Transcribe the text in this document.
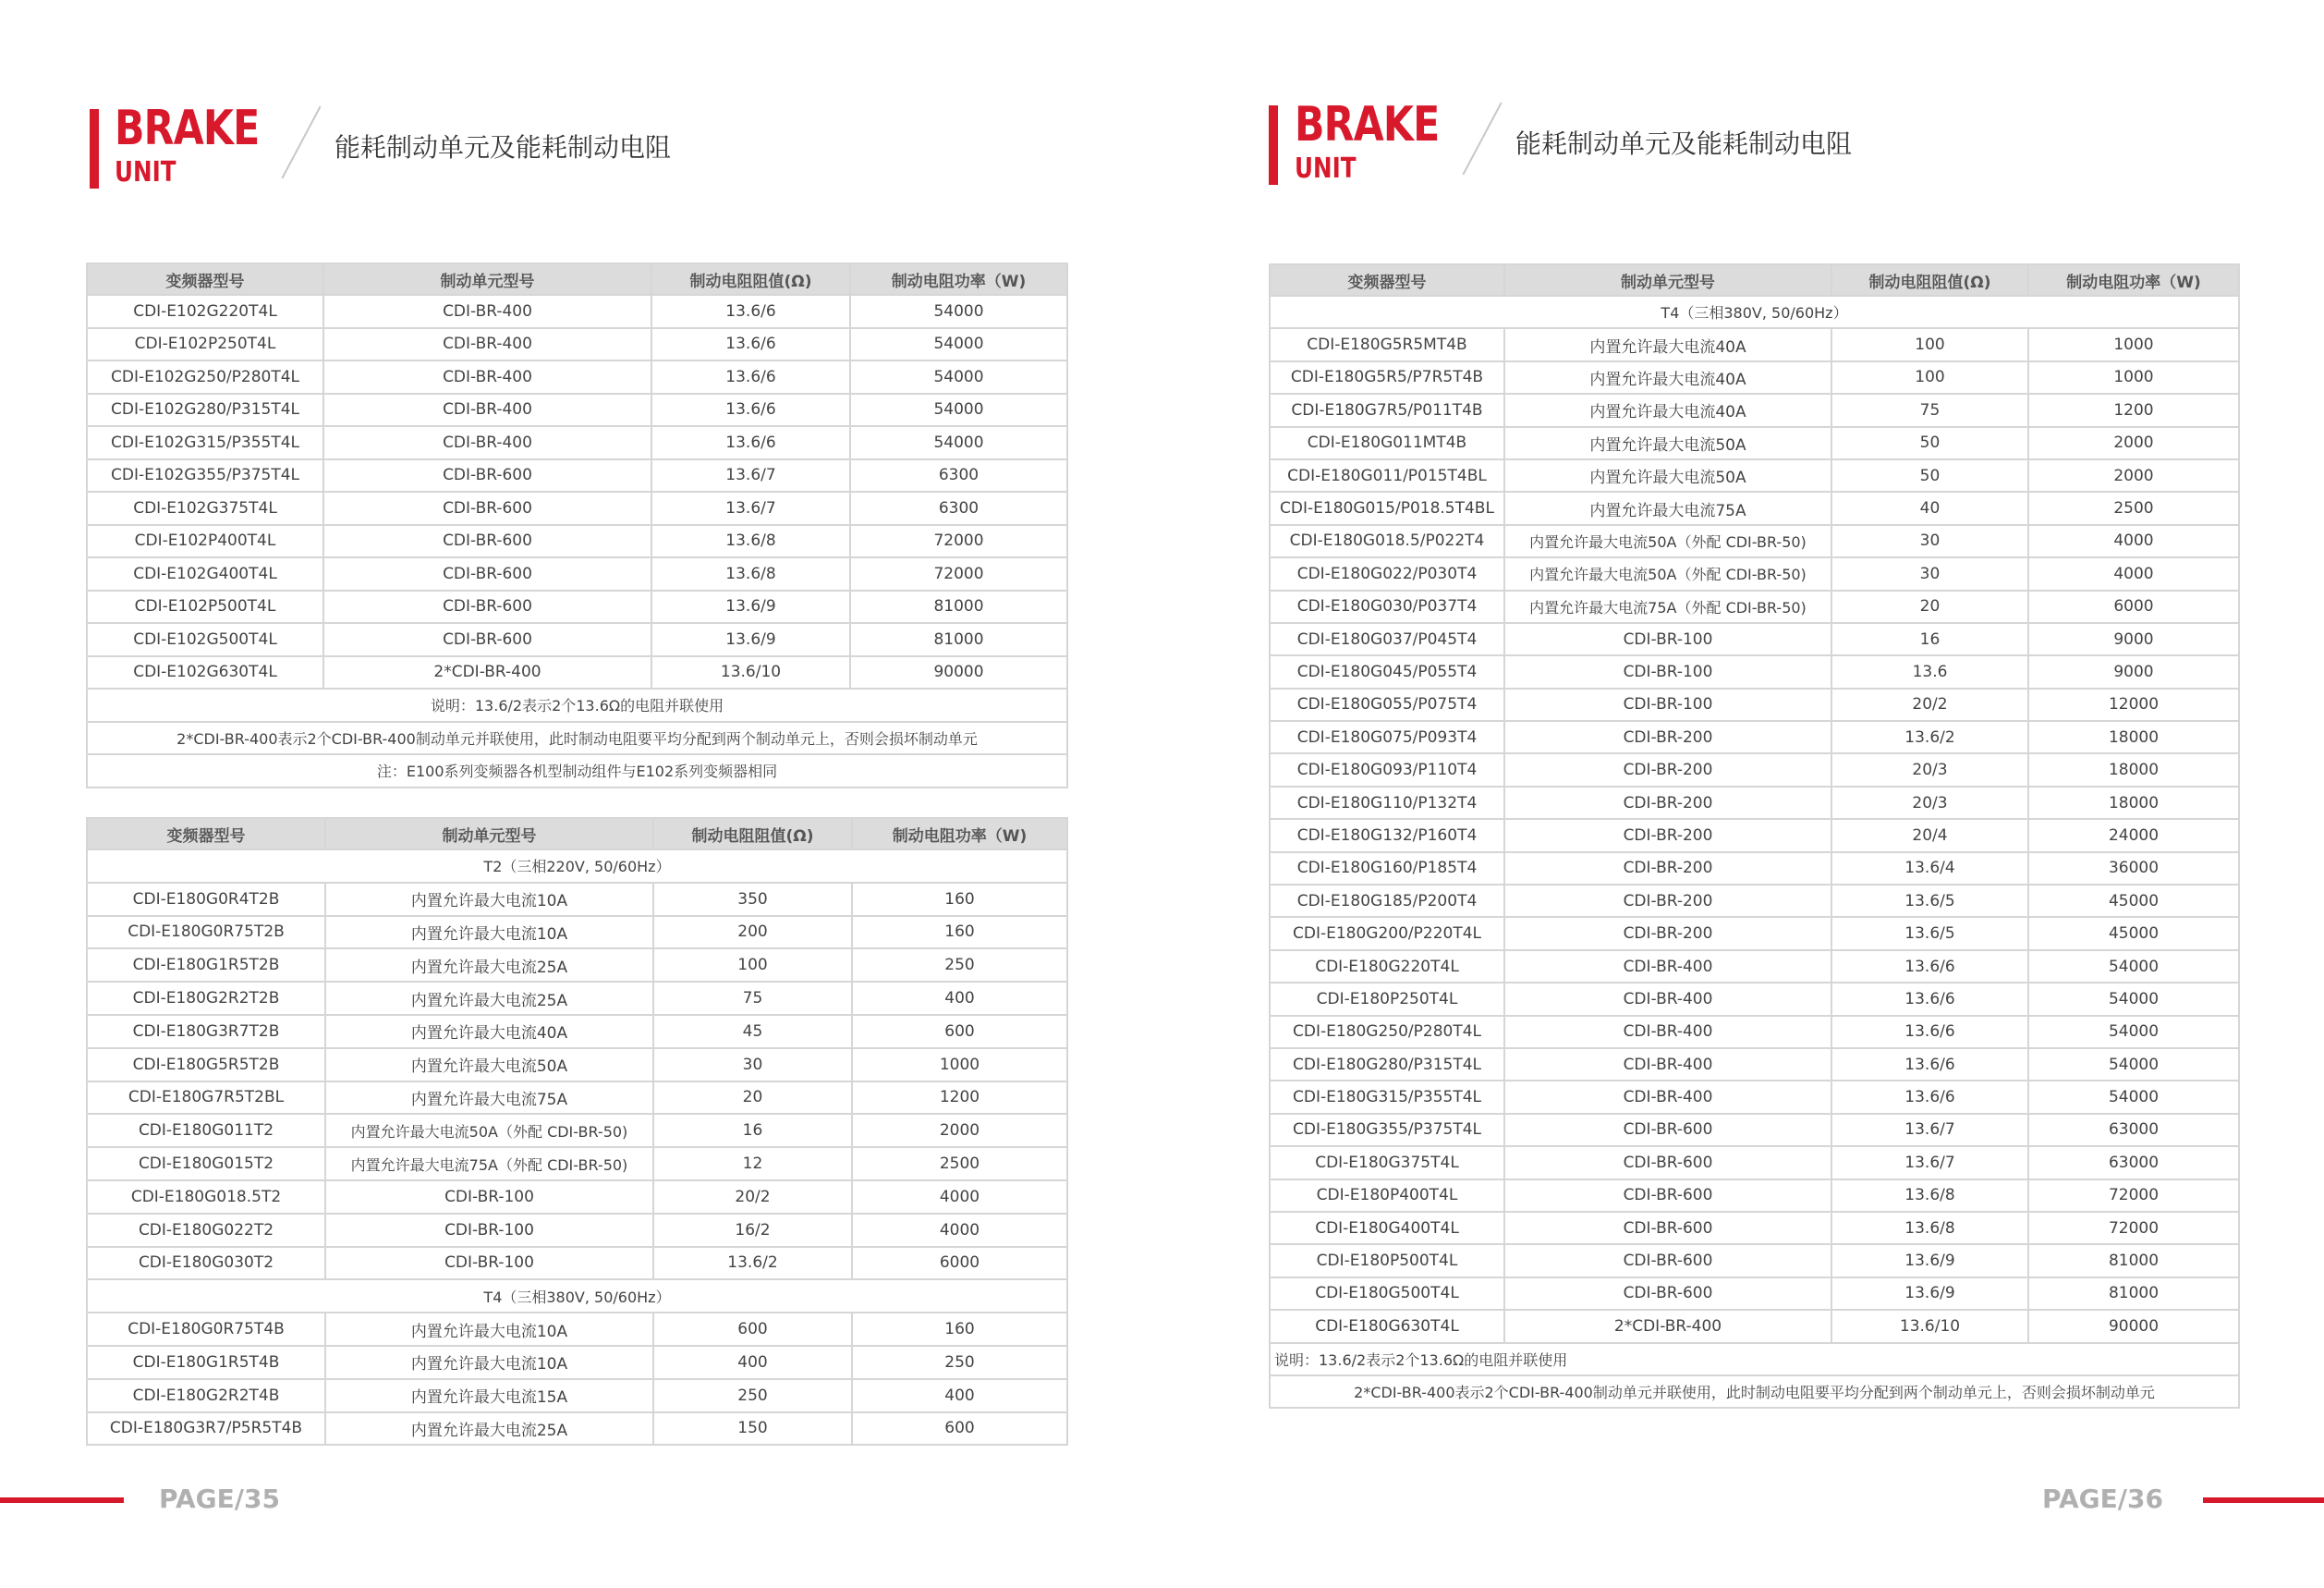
BRAKE
UNIT
能耗制动单元及能耗制动电阻	BRAKE
UNIT
能耗制动单元及能耗制动电阻
变频器型号	制动单元型号	制动电阻阻值(Ω)	制动电阻功率（W)
CDI-E102G220T4L	CDI-BR-400	13.6/6	54000
CDI-E102P250T4L	CDI-BR-400	13.6/6	54000
CDI-E102G250/P280T4L	CDI-BR-400	13.6/6	54000
CDI-E102G280/P315T4L	CDI-BR-400	13.6/6	54000
CDI-E102G315/P355T4L	CDI-BR-400	13.6/6	54000
CDI-E102G355/P375T4L	CDI-BR-600	13.6/7	6300
CDI-E102G375T4L	CDI-BR-600	13.6/7	6300
CDI-E102P400T4L	CDI-BR-600	13.6/8	72000
CDI-E102G400T4L	CDI-BR-600	13.6/8	72000
CDI-E102P500T4L	CDI-BR-600	13.6/9	81000
CDI-E102G500T4L	CDI-BR-600	13.6/9	81000
CDI-E102G630T4L	2*CDI-BR-400	13.6/10	90000
说明：13.6/2表示2个13.6Ω的电阻并联使用			
2*CDI-BR-400表示2个CDI-BR-400制动单元并联使用，此时制动电阻要平均分配到两个制动单元上，否则会损坏制动单元			
注：E100系列变频器各机型制动组件与E102系列变频器相同			
变频器型号	制动单元型号	制动电阻阻值(Ω)	制动电阻功率（W)
T2（三相220V, 50/60Hz）			
CDI-E180G0R4T2B	内置允许最大电流10A	350	160
CDI-E180G0R75T2B	内置允许最大电流10A	200	160
CDI-E180G1R5T2B	内置允许最大电流25A	100	250
CDI-E180G2R2T2B	内置允许最大电流25A	75	400
CDI-E180G3R7T2B	内置允许最大电流40A	45	600
CDI-E180G5R5T2B	内置允许最大电流50A	30	1000
CDI-E180G7R5T2BL	内置允许最大电流75A	20	1200
CDI-E180G011T2	内置允许最大电流50A（外配 CDI-BR-50)	16	2000
CDI-E180G015T2	内置允许最大电流75A（外配 CDI-BR-50)	12	2500
CDI-E180G018.5T2	CDI-BR-100	20/2	4000
CDI-E180G022T2	CDI-BR-100	16/2	4000
CDI-E180G030T2	CDI-BR-100	13.6/2	6000
T4（三相380V, 50/60Hz）			
CDI-E180G0R75T4B	内置允许最大电流10A	600	160
CDI-E180G1R5T4B	内置允许最大电流10A	400	250
CDI-E180G2R2T4B	内置允许最大电流15A	250	400
CDI-E180G3R7/P5R5T4B	内置允许最大电流25A	150	600
变频器型号	制动单元型号	制动电阻阻值(Ω)	制动电阻功率（W)
T4（三相380V, 50/60Hz）			
CDI-E180G5R5MT4B	内置允许最大电流40A	100	1000
CDI-E180G5R5/P7R5T4B	内置允许最大电流40A	100	1000
CDI-E180G7R5/P011T4B	内置允许最大电流40A	75	1200
CDI-E180G011MT4B	内置允许最大电流50A	50	2000
CDI-E180G011/P015T4BL	内置允许最大电流50A	50	2000
CDI-E180G015/P018.5T4BL	内置允许最大电流75A	40	2500
CDI-E180G018.5/P022T4	内置允许最大电流50A（外配 CDI-BR-50)	30	4000
CDI-E180G022/P030T4	内置允许最大电流50A（外配 CDI-BR-50)	30	4000
CDI-E180G030/P037T4	内置允许最大电流75A（外配 CDI-BR-50)	20	6000
CDI-E180G037/P045T4	CDI-BR-100	16	9000
CDI-E180G045/P055T4	CDI-BR-100	13.6	9000
CDI-E180G055/P075T4	CDI-BR-100	20/2	12000
CDI-E180G075/P093T4	CDI-BR-200	13.6/2	18000
CDI-E180G093/P110T4	CDI-BR-200	20/3	18000
CDI-E180G110/P132T4	CDI-BR-200	20/3	18000
CDI-E180G132/P160T4	CDI-BR-200	20/4	24000
CDI-E180G160/P185T4	CDI-BR-200	13.6/4	36000
CDI-E180G185/P200T4	CDI-BR-200	13.6/5	45000
CDI-E180G200/P220T4L	CDI-BR-200	13.6/5	45000
CDI-E180G220T4L	CDI-BR-400	13.6/6	54000
CDI-E180P250T4L	CDI-BR-400	13.6/6	54000
CDI-E180G250/P280T4L	CDI-BR-400	13.6/6	54000
CDI-E180G280/P315T4L	CDI-BR-400	13.6/6	54000
CDI-E180G315/P355T4L	CDI-BR-400	13.6/6	54000
CDI-E180G355/P375T4L	CDI-BR-600	13.6/7	63000
CDI-E180G375T4L	CDI-BR-600	13.6/7	63000
CDI-E180P400T4L	CDI-BR-600	13.6/8	72000
CDI-E180G400T4L	CDI-BR-600	13.6/8	72000
CDI-E180P500T4L	CDI-BR-600	13.6/9	81000
CDI-E180G500T4L	CDI-BR-600	13.6/9	81000
CDI-E180G630T4L	2*CDI-BR-400	13.6/10	90000
说明：13.6/2表示2个13.6Ω的电阻并联使用			
2*CDI-BR-400表示2个CDI-BR-400制动单元并联使用，此时制动电阻要平均分配到两个制动单元上，否则会损坏制动单元			
PAGE/35	PAGE/36
